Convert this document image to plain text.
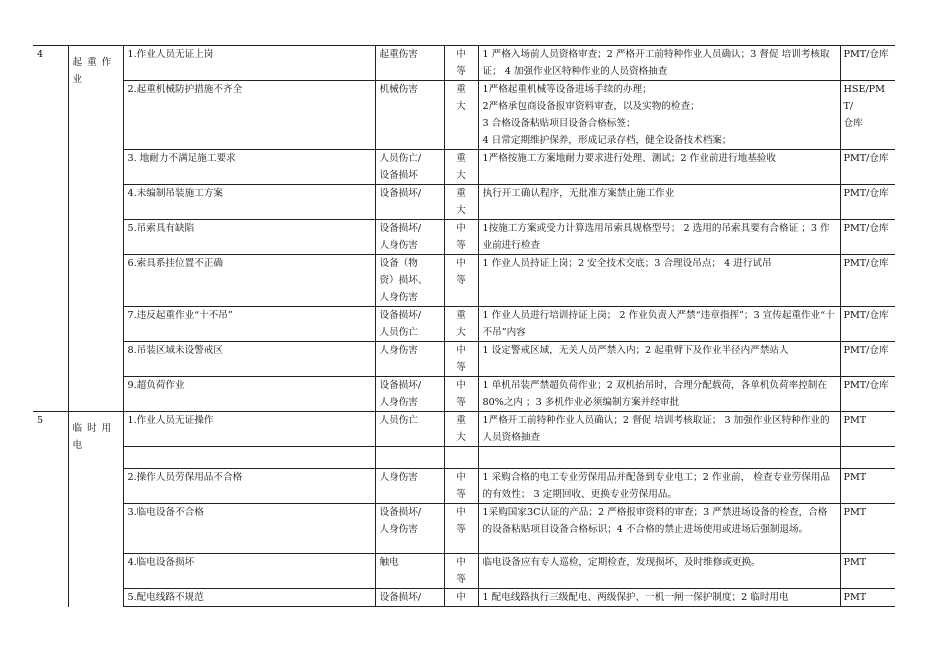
4	起重作业	1.作业人员无证上岗	起重伤害	中
等	1 严格入场前人员资格审查；2 严格开工前特种作业人员确认；3 督促 培训考核取证； 4 加强作业区特种作业的人员资格抽查	PMT/仓库

		2.起重机械防护措施不齐全	机械伤害	重
大	1严格起重机械等设备进场手续的办理；
2严格承包商设备报审资料审查，以及实物的检查；
3 合格设备粘贴项目设备合格标签；
4 日常定期维护保养，形成记录存档，健全设备技术档案；	HSE/PMT/
仓库

		3. 地耐力不满足施工要求	人员伤亡/
设备损坏	重
大	1严格按施工方案地耐力要求进行处理、测试；2 作业前进行地基验收	PMT/仓库

		4.未编制吊装施工方案	设备损坏/	重
大	执行开工确认程序，无批准方案禁止施工作业	PMT/仓库

		5.吊索具有缺陷	设备损坏/
人身伤害	中
等	1按施工方案或受力计算选用吊索具规格型号； 2 选用的吊索具要有合格证 ；3 作业前进行检查	PMT/仓库

		6.索具系挂位置不正确	设备（物
资）损坏、
人身伤害	中
等	1 作业人员持证上岗；2 安全技术交底；3 合理设吊点； 4 进行试吊	PMT/仓库

		7.违反起重作业“十不吊”	设备损坏/
人员伤亡	重
大	1 作业人员进行培训持证上岗； 2 作业负责人严禁“违章指挥”；3 宣传起重作业“十不吊”内容	PMT/仓库

		8.吊装区域未设警戒区	人身伤害	中
等	1 设定警戒区域，无关人员严禁入内；2 起重臂下及作业半径内严禁站人	PMT/仓库

		9.超负荷作业	设备损坏/
人身伤害	中
等	1 单机吊装严禁超负荷作业；2 双机抬吊时，合理分配载荷，各单机负荷率控制在 80%之内 ；3 多机作业必须编制方案并经审批	PMT/仓库

5	临时用电	1.作业人员无证操作	人员伤亡	重
大	1严格开工前特种作业人员确认；2 督促 培训考核取证； 3 加强作业区特种作业的人员资格抽查	PMT

		2.操作人员劳保用品不合格	人身伤害	中
等	1 采购合格的电工专业劳保用品并配备到专业电工；2 作业前， 检查专业劳保用品的有效性； 3 定期回收、更换专业劳保用品。	PMT

		3.临电设备不合格	设备损坏/
人身伤害	中
等	1采购国家3C认证的产品；2 严格报审资料的审查；3 严禁进场设备的检查，合格的设备粘贴项目设备合格标识；4 不合格的禁止进场使用或进场后强制退场。	PMT

		4.临电设备损坏	触电	中
等	临电设备应有专人巡检，定期检查，发现损坏，及时维修或更换。	PMT

		5.配电线路不规范	设备损坏/	中	1 配电线路执行三级配电、两级保护、一机一闸一保护制度；2 临时用电	PMT
